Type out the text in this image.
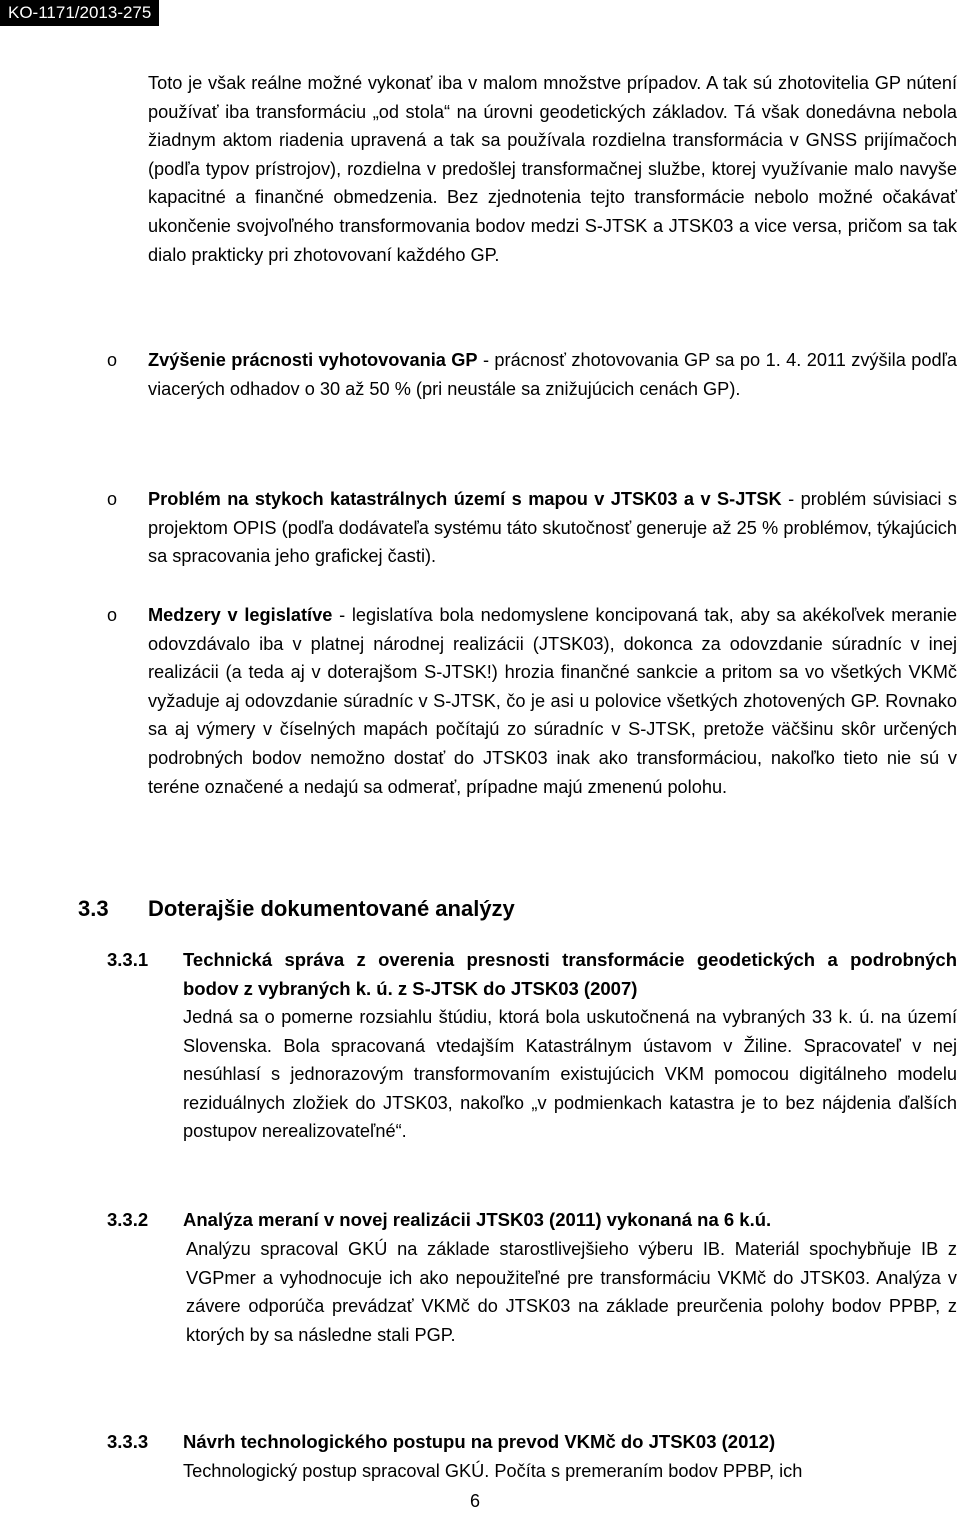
KO-1171/2013-275

Toto je však reálne možné vykonať iba v malom množstve prípadov. A tak sú zhotovitelia GP nútení používať iba transformáciu „od stola“ na úrovni geodetických základov. Tá však donedávna nebola žiadnym aktom riadenia upravená a tak sa používala rozdielna transformácia v GNSS prijímačoch (podľa typov prístrojov), rozdielna v predošlej transformačnej službe, ktorej využívanie malo navyše kapacitné a finančné obmedzenia. Bez zjednotenia tejto transformácie nebolo možné očakávať ukončenie svojvoľného transformovania bodov medzi S-JTSK a JTSK03 a vice versa, pričom sa tak dialo prakticky pri zhotovovaní každého GP.

o Zvýšenie prácnosti vyhotovovania GP - prácnosť zhotovovania GP sa po 1. 4. 2011 zvýšila podľa viacerých odhadov o 30 až 50 % (pri neustále sa znižujúcich cenách GP).

o Problém na stykoch katastrálnych území s mapou v JTSK03 a v S-JTSK - problém súvisiaci s projektom OPIS (podľa dodávateľa systému táto skutočnosť generuje až 25 % problémov, týkajúcich sa spracovania jeho grafickej časti).

o Medzery v legislatíve - legislatíva bola nedomyslene koncipovaná tak, aby sa akékoľvek meranie odovzdávalo iba v platnej národnej realizácii (JTSK03), dokonca za odovzdanie súradníc v inej realizácii (a teda aj v doterajšom S-JTSK!) hrozia finančné sankcie a pritom sa vo všetkých VKMč vyžaduje aj odovzdanie súradníc v S-JTSK, čo je asi u polovice všetkých zhotovených GP. Rovnako sa aj výmery v číselných mapách počítajú zo súradníc v S-JTSK, pretože väčšinu skôr určených podrobných bodov nemožno dostať do JTSK03 inak ako transformáciou, nakoľko tieto nie sú v teréne označené a nedajú sa odmerať, prípadne majú zmenenú polohu.

3.3 Doterajšie dokumentované analýzy
3.3.1 Technická správa z overenia presnosti transformácie geodetických a podrobných bodov z vybraných k. ú. z S-JTSK do JTSK03 (2007)

Jedná sa o pomerne rozsiahlu štúdiu, ktorá bola uskutočnená na vybraných 33 k. ú. na území Slovenska. Bola spracovaná vtedajším Katastrálnym ústavom v Žiline. Spracovateľ v nej nesúhlasí s jednorazovým transformovaním existujúcich VKM pomocou digitálneho modelu reziduálnych zložiek do JTSK03, nakoľko „v podmienkach katastra je to bez nájdenia ďalších postupov nerealizovateľné“.

3.3.2 Analýza meraní v novej realizácii JTSK03 (2011) vykonaná na 6 k.ú.

Analýzu spracoval GKÚ na základe starostlivejšieho výberu IB. Materiál spochybňuje IB z VGPmer a vyhodnocuje ich ako nepoužiteľné pre transformáciu VKMč do JTSK03. Analýza v závere odporúča prevádzať VKMč do JTSK03 na základe preurčenia polohy bodov PPBP, z ktorých by sa následne stali PGP.

3.3.3 Návrh technologického postupu na prevod VKMč do JTSK03 (2012)

Technologický postup spracoval GKÚ. Počíta s premeraním bodov PPBP, ich

6
